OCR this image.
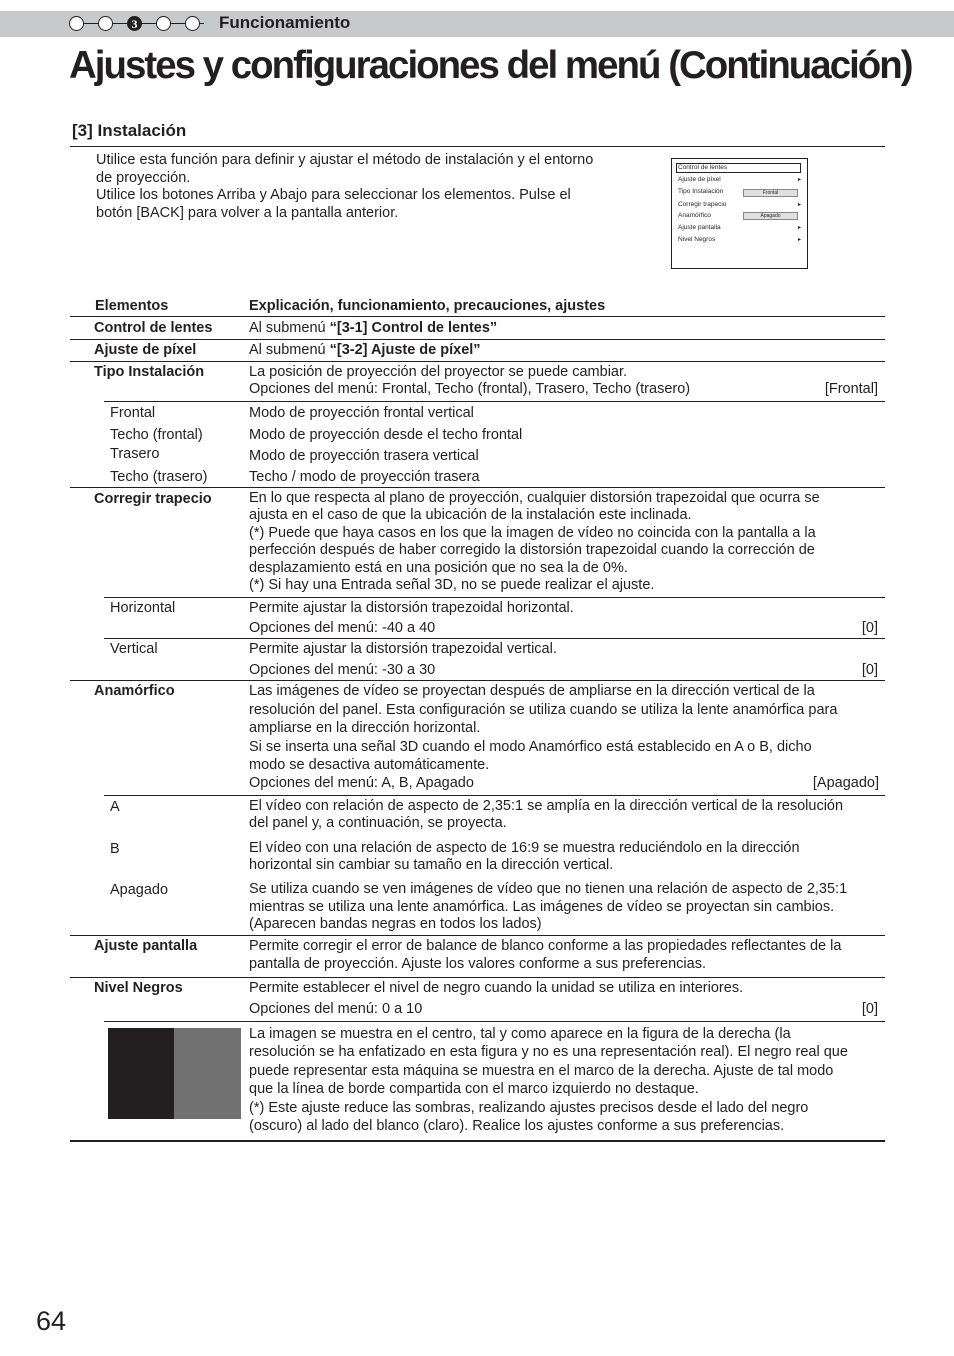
3	Funcionamiento
Ajustes y configuraciones del menú (Continuación)
[3] Instalación
Utilice esta función para definir y ajustar el método de instalación y el entorno
de proyección.
Utilice los botones Arriba y Abajo para seleccionar los elementos. Pulse el
botón [BACK] para volver a la pantalla anterior.
Control de lentes
Ajuste de píxel	▸
Tipo Instalación	Frontal
Corregir trapecio	▸
Anamórfico	Apagado
Ajuste pantalla	▸
Nivel Negros	▸
Elementos	Explicación, funcionamiento, precauciones, ajustes
Control de lentes	Al submenú “[3-1] Control de lentes”
Ajuste de píxel	Al submenú “[3-2] Ajuste de píxel”
Tipo Instalación	La posición de proyección del proyector se puede cambiar.
Opciones del menú: Frontal, Techo (frontal), Trasero, Techo (trasero)	[Frontal]
Frontal	Modo de proyección frontal vertical
Techo (frontal)	Modo de proyección desde el techo frontal
Trasero	Modo de proyección trasera vertical
Techo (trasero)	Techo / modo de proyección trasera
Corregir trapecio	En lo que respecta al plano de proyección, cualquier distorsión trapezoidal que ocurra se
ajusta en el caso de que la ubicación de la instalación este inclinada.
(*) Puede que haya casos en los que la imagen de vídeo no coincida con la pantalla a la
perfección después de haber corregido la distorsión trapezoidal cuando la corrección de
desplazamiento está en una posición que no sea la de 0%.
(*) Si hay una Entrada señal 3D, no se puede realizar el ajuste.
Horizontal	Permite ajustar la distorsión trapezoidal horizontal.
Opciones del menú: -40 a 40	[0]
Vertical	Permite ajustar la distorsión trapezoidal vertical.
Opciones del menú: -30 a 30	[0]
Anamórfico	Las imágenes de vídeo se proyectan después de ampliarse en la dirección vertical de la
resolución del panel. Esta configuración se utiliza cuando se utiliza la lente anamórfica para
ampliarse en la dirección horizontal.
Si se inserta una señal 3D cuando el modo Anamórfico está establecido en A o B, dicho
modo se desactiva automáticamente.
Opciones del menú: A, B, Apagado	[Apagado]
A	El vídeo con relación de aspecto de 2,35:1 se amplía en la dirección vertical de la resolución
del panel y, a continuación, se proyecta.
B	El vídeo con una relación de aspecto de 16:9 se muestra reduciéndolo en la dirección
horizontal sin cambiar su tamaño en la dirección vertical.
Apagado	Se utiliza cuando se ven imágenes de vídeo que no tienen una relación de aspecto de 2,35:1
mientras se utiliza una lente anamórfica. Las imágenes de vídeo se proyectan sin cambios.
(Aparecen bandas negras en todos los lados)
Ajuste pantalla	Permite corregir el error de balance de blanco conforme a las propiedades reflectantes de la
pantalla de proyección. Ajuste los valores conforme a sus preferencias.
Nivel Negros	Permite establecer el nivel de negro cuando la unidad se utiliza en interiores.
Opciones del menú: 0 a 10	[0]
La imagen se muestra en el centro, tal y como aparece en la figura de la derecha (la
resolución se ha enfatizado en esta figura y no es una representación real). El negro real que
puede representar esta máquina se muestra en el marco de la derecha. Ajuste de tal modo
que la línea de borde compartida con el marco izquierdo no destaque.
(*) Este ajuste reduce las sombras, realizando ajustes precisos desde el lado del negro
(oscuro) al lado del blanco (claro). Realice los ajustes conforme a sus preferencias.
64
